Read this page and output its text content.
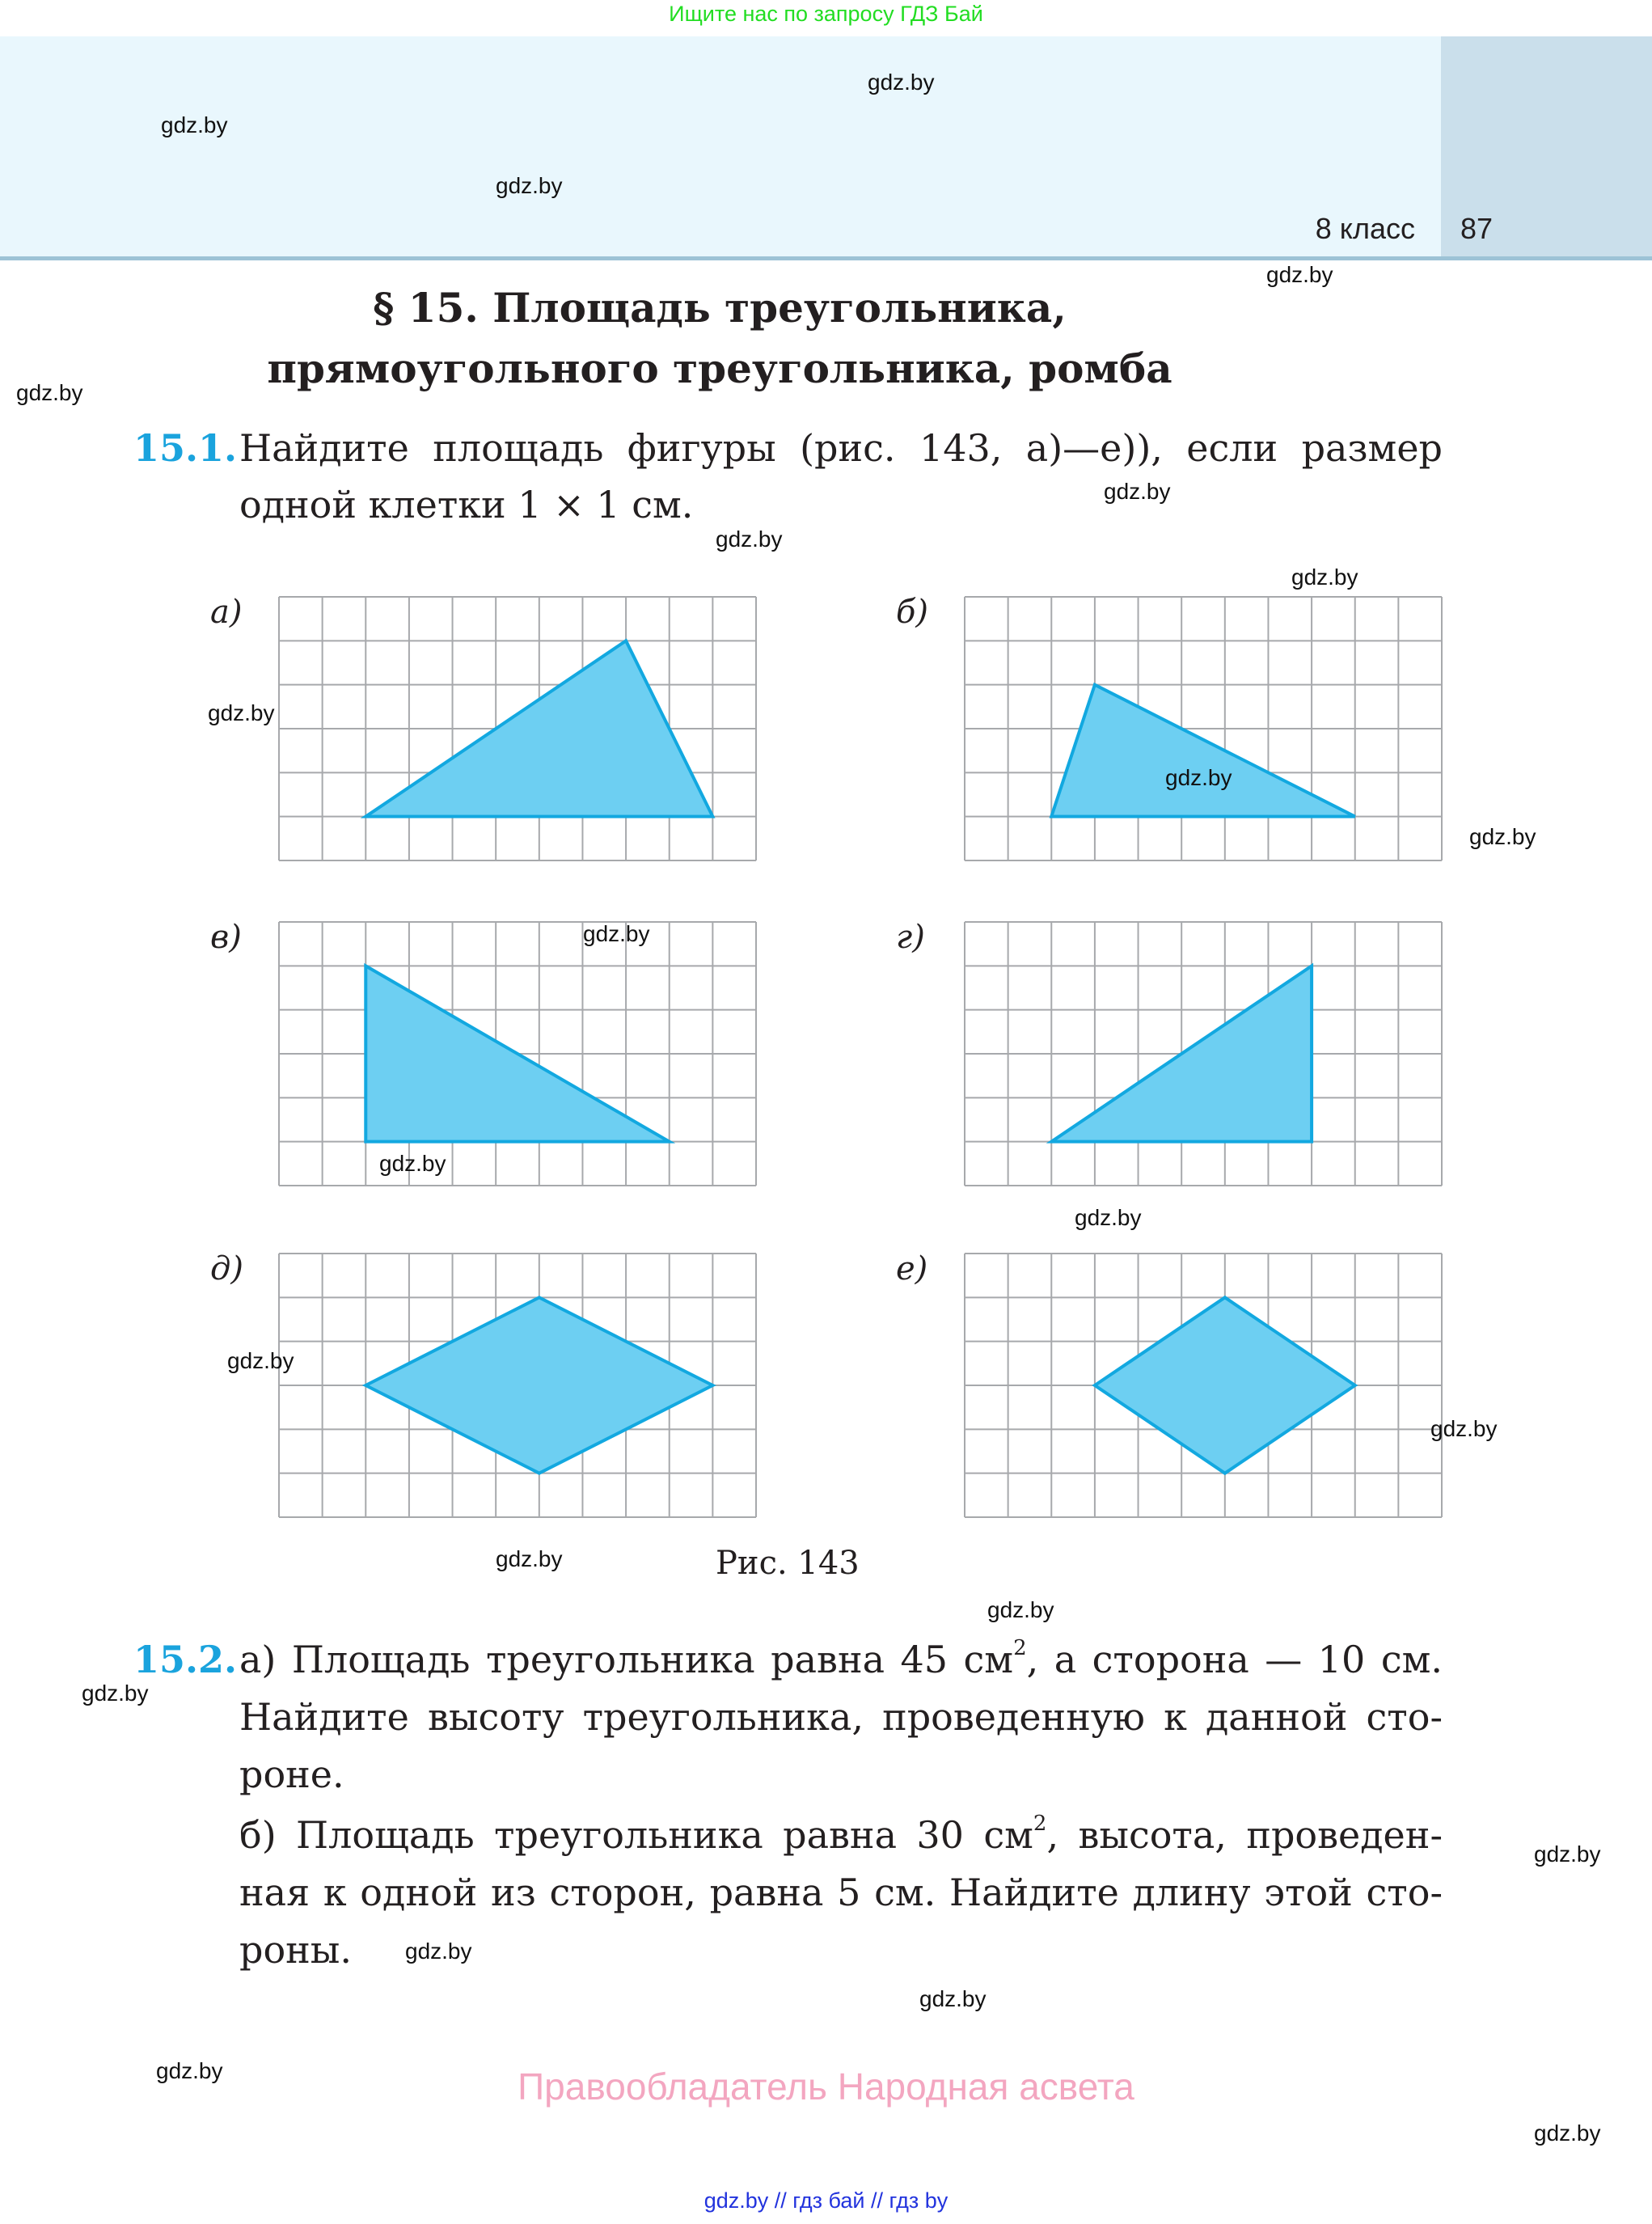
Ищите нас по запросу ГДЗ Бай
8 класс 87
§ 15. Площадь треугольника,
прямоугольного треугольника, ромба
15.1. Найдите площадь фигуры (рис. 143, а)—е)), если размер
одной клетки 1 × 1 см.
а)	б)
в)	г)
д)	е)
Рис. 143
15.2. а) Площадь треугольника равна 45 $см^2$, а сторона — 10 см.
Найдите высоту треугольника, проведенную к данной сто-
роне.
б) Площадь треугольника равна 30 $см^2$, высота, проведен-
ная к одной из сторон, равна 5 см. Найдите длину этой сто-
роны.
Правообладатель Народная асвета
gdz.by // гдз бай // гдз by
gdz.by
gdz.by
gdz.by
gdz.by
gdz.by
gdz.by
gdz.by
gdz.by
gdz.by
gdz.by
gdz.by
gdz.by
gdz.by
gdz.by
gdz.by
gdz.by
gdz.by
gdz.by
gdz.by
gdz.by
gdz.by
gdz.by
gdz.by
gdz.by
